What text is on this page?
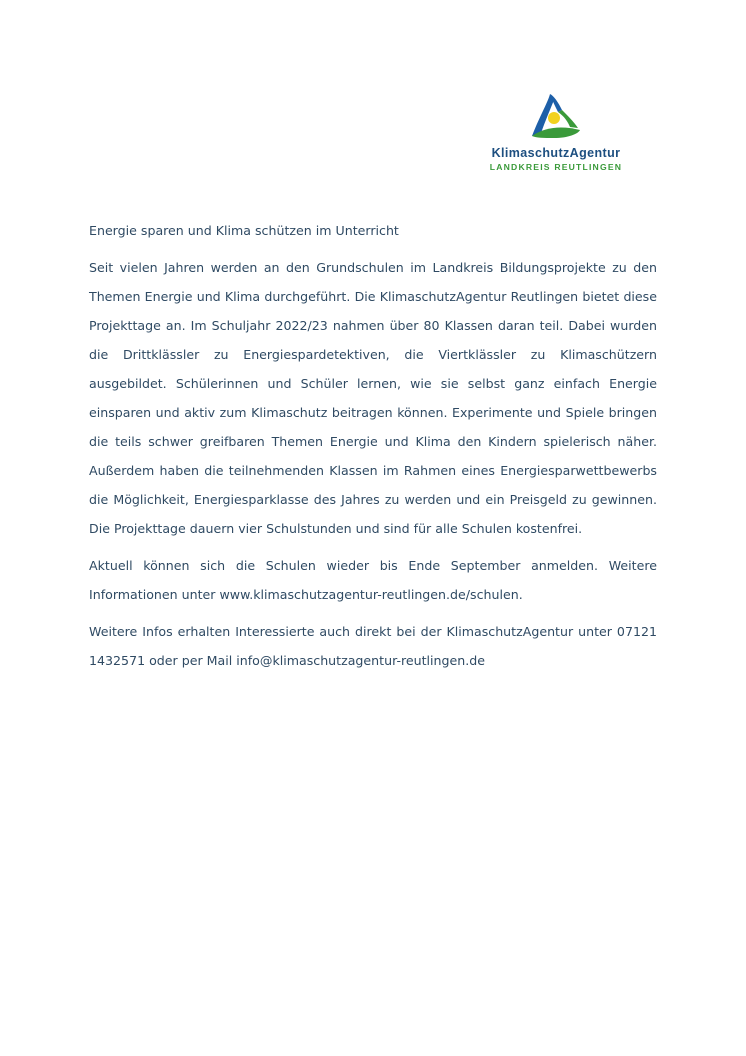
KlimaschutzAgentur
LANDKREIS REUTLINGEN

Energie sparen und Klima schützen im Unterricht

Seit vielen Jahren werden an den Grundschulen im Landkreis Bildungsprojekte zu den Themen Energie und Klima durchgeführt. Die KlimaschutzAgentur Reutlingen bietet diese Projekttage an. Im Schuljahr 2022/23 nahmen über 80 Klassen daran teil. Dabei wurden die Drittklässler zu Energiespardetektiven, die Viertklässler zu Klimaschützern ausgebildet. Schülerinnen und Schüler lernen, wie sie selbst ganz einfach Energie einsparen und aktiv zum Klimaschutz beitragen können. Experimente und Spiele bringen die teils schwer greifbaren Themen Energie und Klima den Kindern spielerisch näher. Außerdem haben die teilnehmenden Klassen im Rahmen eines Energiesparwettbewerbs die Möglichkeit, Energiesparklasse des Jahres zu werden und ein Preisgeld zu gewinnen. Die Projekttage dauern vier Schulstunden und sind für alle Schulen kostenfrei.

Aktuell können sich die Schulen wieder bis Ende September anmelden. Weitere Informationen unter www.klimaschutzagentur-reutlingen.de/schulen.

Weitere Infos erhalten Interessierte auch direkt bei der KlimaschutzAgentur unter 07121 1432571 oder per Mail info@klimaschutzagentur-reutlingen.de
